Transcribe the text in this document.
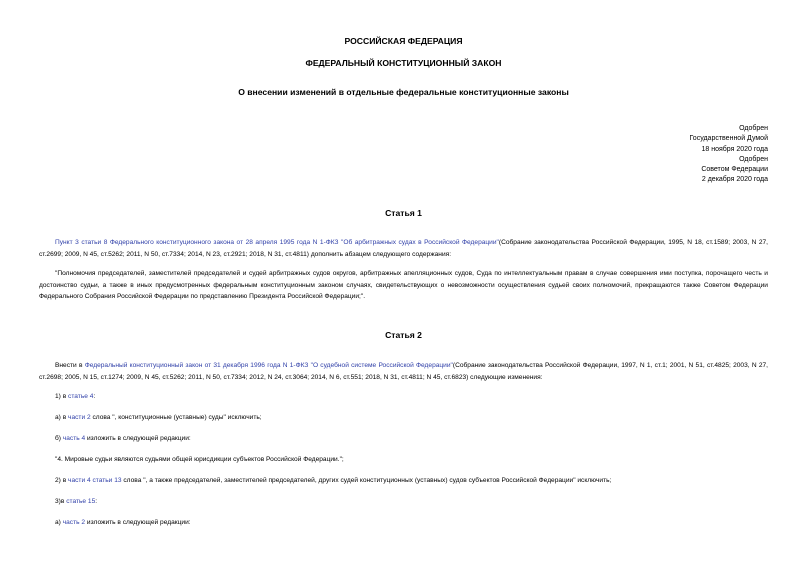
РОССИЙСКАЯ ФЕДЕРАЦИЯ
ФЕДЕРАЛЬНЫЙ КОНСТИТУЦИОННЫЙ ЗАКОН
О внесении изменений в отдельные федеральные конституционные законы
Одобрен
Государственной Думой
18 ноября 2020 года
Одобрен
Советом Федерации
2 декабря 2020 года
Статья 1
Пункт 3 статьи 8 Федерального конституционного закона от 28 апреля 1995 года N 1-ФКЗ "Об арбитражных судах в Российской Федерации"(Собрание законодательства Российской Федерации, 1995, N 18, ст.1589; 2003, N 27, ст.2699; 2009, N 45, ст.5262; 2011, N 50, ст.7334; 2014, N 23, ст.2921; 2018, N 31, ст.4811) дополнить абзацем следующего содержания:
"Полномочия председателей, заместителей председателей и судей арбитражных судов округов, арбитражных апелляционных судов, Суда по интеллектуальным правам в случае совершения ими поступка, порочащего честь и достоинство судьи, а также в иных предусмотренных федеральным конституционным законом случаях, свидетельствующих о невозможности осуществления судьей своих полномочий, прекращаются также Советом Федерации Федерального Собрания Российской Федерации по представлению Президента Российской Федерации;".
Статья 2
Внести в Федеральный конституционный закон от 31 декабря 1996 года N 1-ФКЗ "О судебной системе Российской Федерации"(Собрание законодательства Российской Федерации, 1997, N 1, ст.1; 2001, N 51, ст.4825; 2003, N 27, ст.2698; 2005, N 15, ст.1274; 2009, N 45, ст.5262; 2011, N 50, ст.7334; 2012, N 24, ст.3064; 2014, N 6, ст.551; 2018, N 31, ст.4811; N 45, ст.6823) следующие изменения:
1) в статье 4:
а) в части 2 слова ", конституционные (уставные) суды" исключить;
б) часть 4 изложить в следующей редакции:
"4. Мировые судьи являются судьями общей юрисдикции субъектов Российской Федерации.";
2) в части 4 статьи 13 слова ", а также председателей, заместителей председателей, других судей конституционных (уставных) судов субъектов Российской Федерации" исключить;
3)в статье 15:
а) часть 2 изложить в следующей редакции:
